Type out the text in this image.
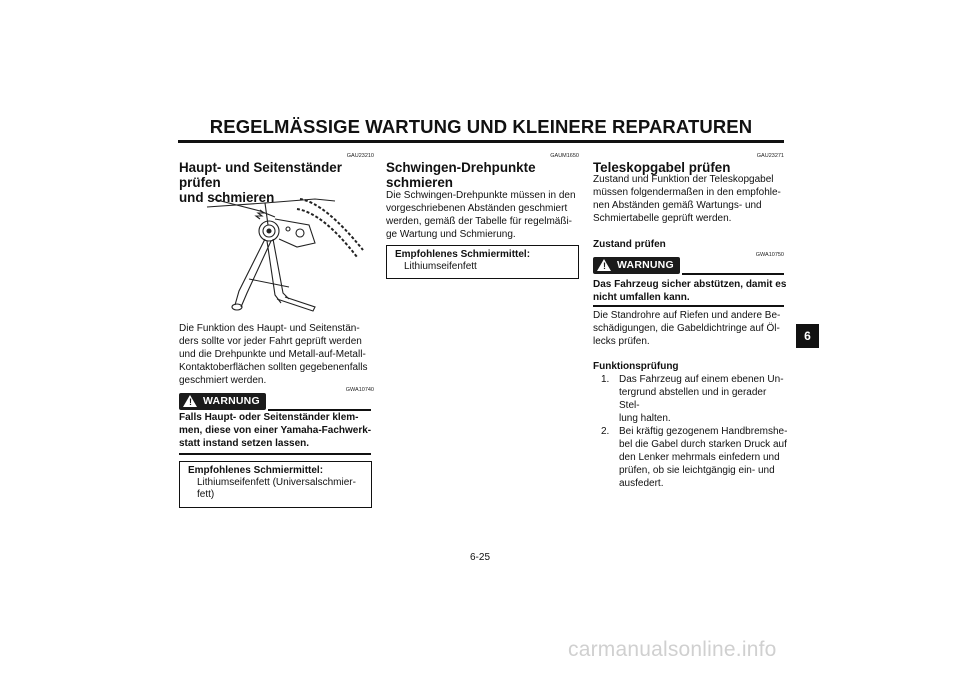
REGELMÄSSIGE WARTUNG UND KLEINERE REPARATUREN
6
GAU23210
Haupt- und Seitenständer prüfen
und schmieren
Die Funktion des Haupt- und Seitenstän-
ders sollte vor jeder Fahrt geprüft werden
und die Drehpunkte und Metall-auf-Metall-
Kontaktoberflächen sollten gegebenenfalls
geschmiert werden.
GWA10740
! WARNUNG
Falls Haupt- oder Seitenständer klem-
men, diese von einer Yamaha-Fachwerk-
statt instand setzen lassen.
Empfohlenes Schmiermittel:
Lithiumseifenfett (Universalschmier-
fett)
GAUM1650
Schwingen-Drehpunkte
schmieren
Die Schwingen-Drehpunkte müssen in den
vorgeschriebenen Abständen geschmiert
werden, gemäß der Tabelle für regelmäßi-
ge Wartung und Schmierung.
Empfohlenes Schmiermittel:
Lithiumseifenfett
GAU23271
Teleskopgabel prüfen
Zustand und Funktion der Teleskopgabel
müssen folgendermaßen in den empfohle-
nen Abständen gemäß Wartungs- und
Schmiertabelle geprüft werden.
Zustand prüfen
GWA10750
! WARNUNG
Das Fahrzeug sicher abstützen, damit es
nicht umfallen kann.
Die Standrohre auf Riefen und andere Be-
schädigungen, die Gabeldichtringe auf Öl-
lecks prüfen.
Funktionsprüfung
1. Das Fahrzeug auf einem ebenen Un-
tergrund abstellen und in gerader Stel-
lung halten.
2. Bei kräftig gezogenem Handbremshe-
bel die Gabel durch starken Druck auf
den Lenker mehrmals einfedern und
prüfen, ob sie leichtgängig ein- und
ausfedert.
6-25
carmanualsonline.info
